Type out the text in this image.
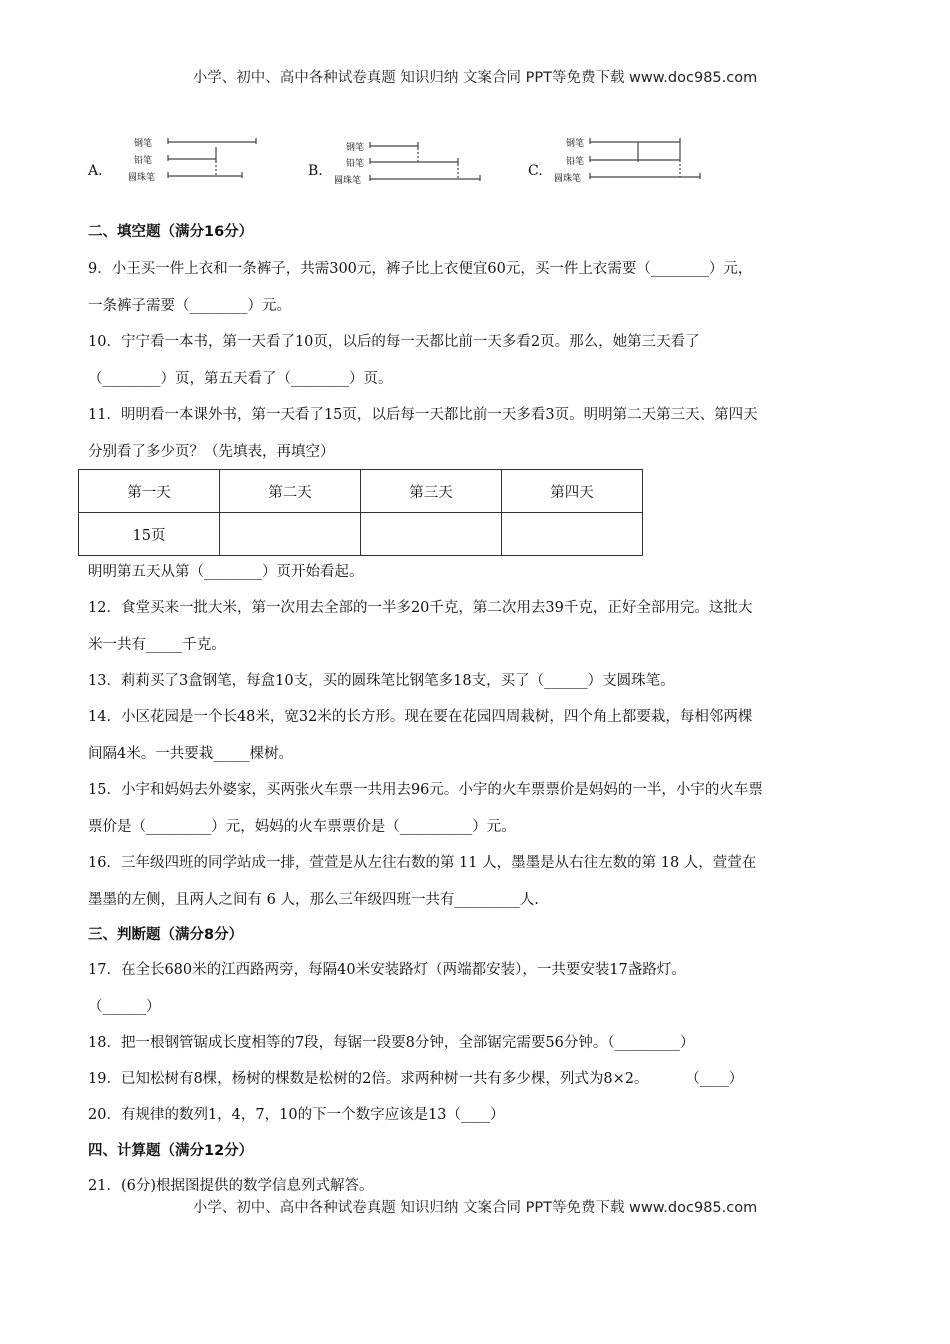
小学、初中、高中各种试卷真题 知识归纳 文案合同 PPT等免费下载 www.doc985.com
A.
钢笔
铅笔
圆珠笔	B.
钢笔
铅笔
圆珠笔
C.
钢笔
铅笔
圆珠笔
二、填空题（满分16分）
9．小王买一件上衣和一条裤子，共需300元，裤子比上衣便宜60元，买一件上衣需要（________）元，
一条裤子需要（________）元。
10．宁宁看一本书，第一天看了10页，以后的每一天都比前一天多看2页。那么，她第三天看了
（________）页，第五天看了（________）页。
11．明明看一本课外书，第一天看了15页，以后每一天都比前一天多看3页。明明第二天第三天、第四天
分别看了多少页？（先填表，再填空）
第一天	第二天	第三天	第四天
15页			
明明第五天从第（________）页开始看起。
12．食堂买来一批大米，第一次用去全部的一半多20千克，第二次用去39千克，正好全部用完。这批大
米一共有_____千克。
13．莉莉买了3盒钢笔，每盒10支，买的圆珠笔比钢笔多18支，买了（______）支圆珠笔。
14．小区花园是一个长48米，宽32米的长方形。现在要在花园四周栽树，四个角上都要栽，每相邻两棵
间隔4米。一共要栽_____棵树。
15．小宇和妈妈去外婆家，买两张火车票一共用去96元。小宇的火车票票价是妈妈的一半，小宇的火车票
票价是（_________）元，妈妈的火车票票价是（__________）元。
16．三年级四班的同学站成一排，萱萱是从左往右数的第 11 人，墨墨是从右往左数的第 18 人，萱萱在
墨墨的左侧，且两人之间有 6 人，那么三年级四班一共有_________人.
三、判断题（满分8分）
17．在全长680米的江西路两旁，每隔40米安装路灯（两端都安装），一共要安装17盏路灯。
（______）
18．把一根钢管锯成长度相等的7段，每锯一段要8分钟，全部锯完需要56分钟。（_________）
19．已知松树有8棵，杨树的棵数是松树的2倍。求两种树一共有多少棵，列式为8×2。	（____）
20．有规律的数列1，4，7，10的下一个数字应该是13（____）
四、计算题（满分12分）
21．(6分)根据图提供的数学信息列式解答。
小学、初中、高中各种试卷真题 知识归纳 文案合同 PPT等免费下载 www.doc985.com
